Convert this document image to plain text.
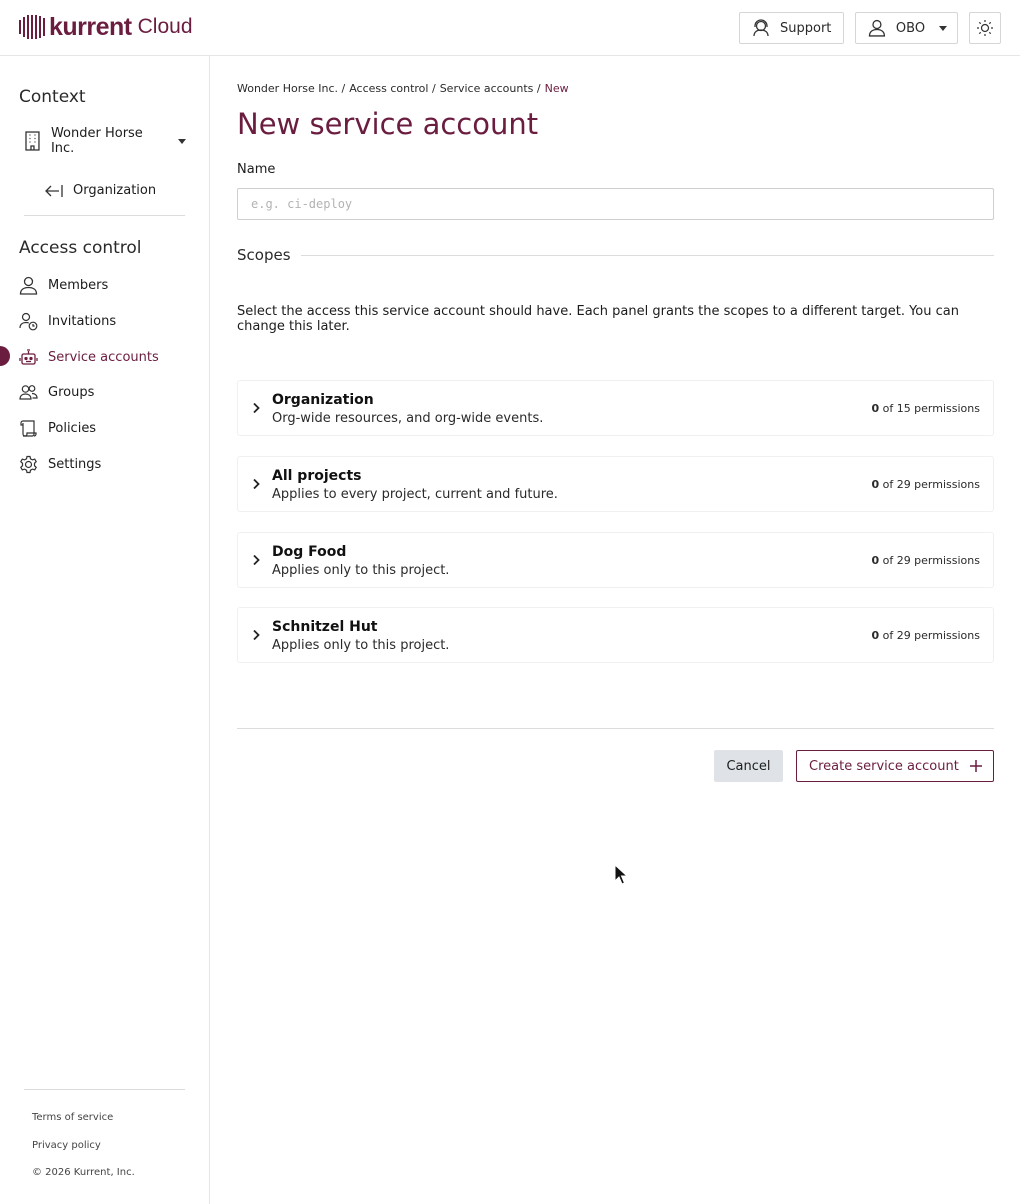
kurrent Cloud	Support	OBO
Context
Wonder Horse Inc.
Organization
Access control
Members
Invitations
Service accounts
Groups
Policies
Settings
Terms of service
Privacy policy
© 2026 Kurrent, Inc.
Wonder Horse Inc. / Access control / Service accounts / New
New service account
Name
e.g. ci-deploy
Scopes

Select the access this service account should have. Each panel grants the scopes to a different target. You can change this later.

Organization
Org-wide resources, and org-wide events.
0 of 15 permissions
All projects
Applies to every project, current and future.
0 of 29 permissions
Dog Food
Applies only to this project.
0 of 29 permissions
Schnitzel Hut
Applies only to this project.
0 of 29 permissions
Cancel	Create service account
